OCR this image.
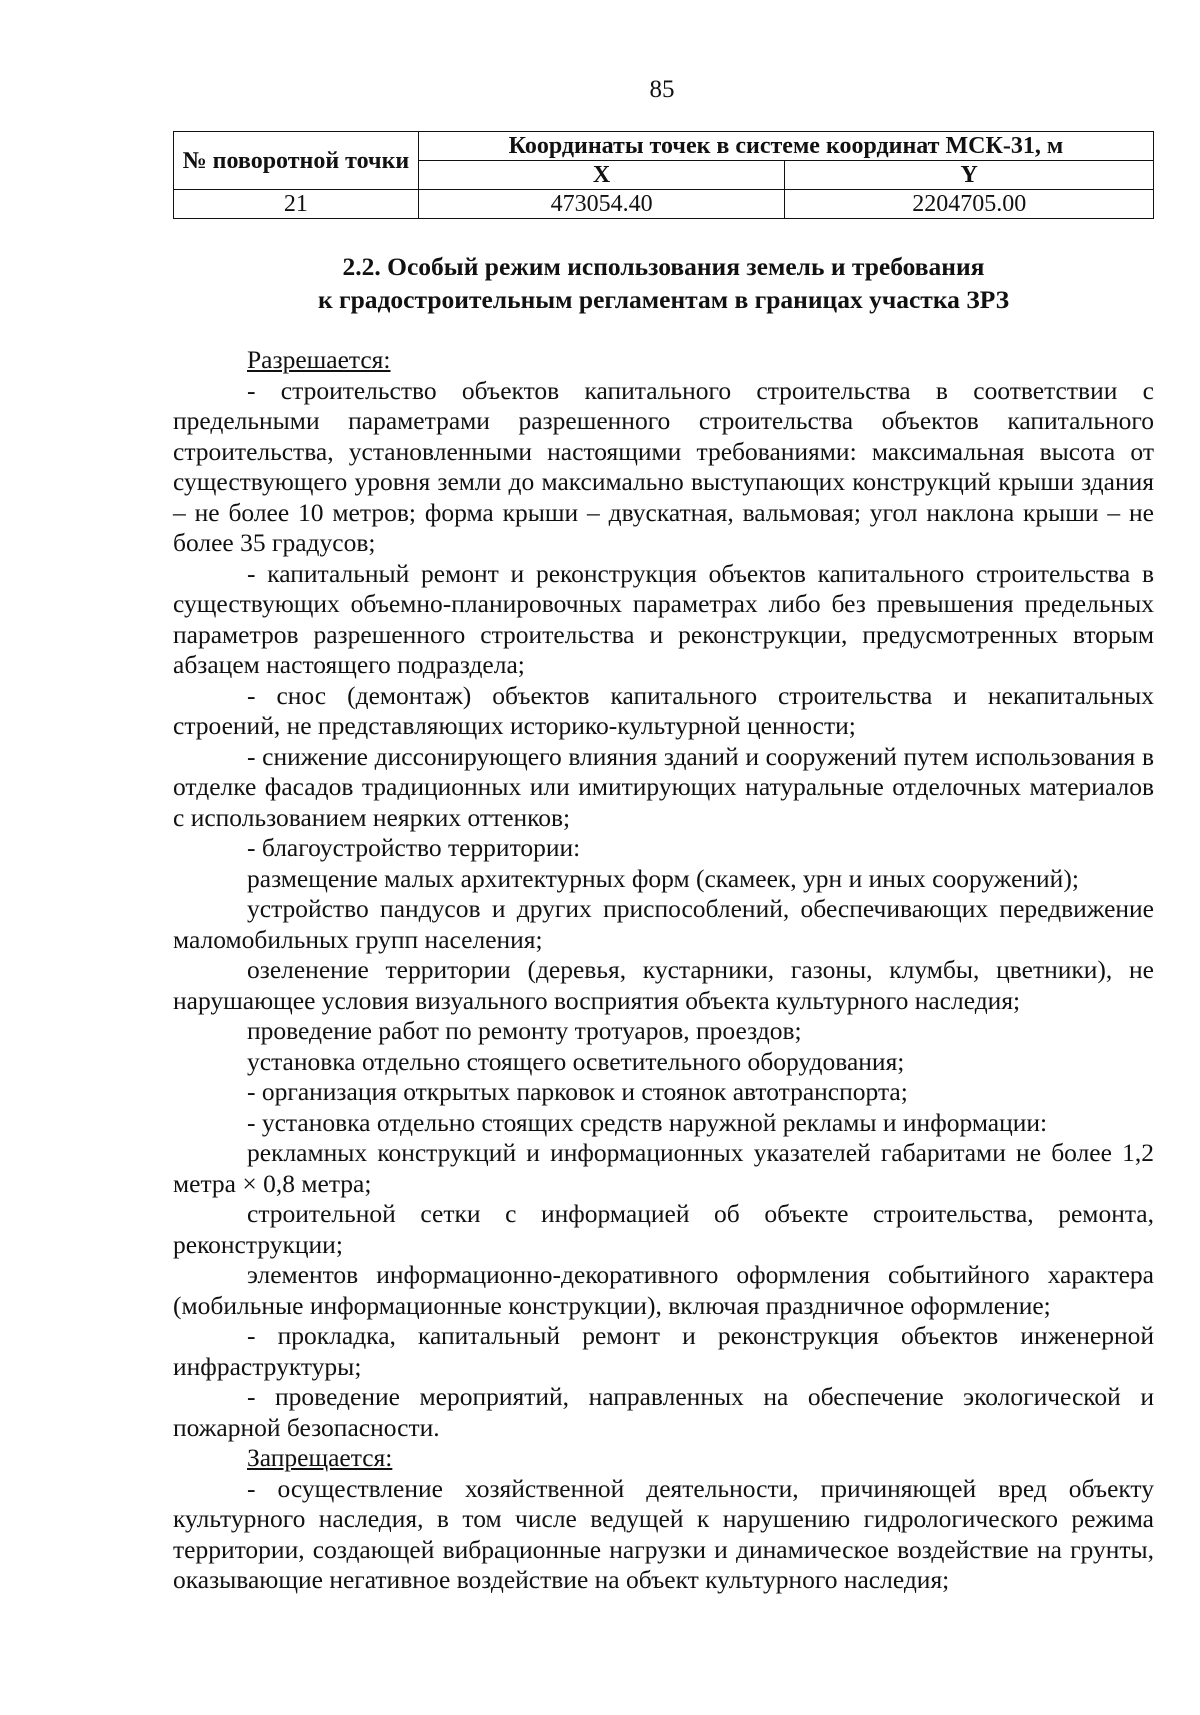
85
№ поворотной точки	Координаты точек в системе координат МСК-31, м	
	X	Y
21	473054.40	2204705.00
2.2. Особый режим использования земель и требования
к градостроительным регламентам в границах участка ЗРЗ

Разрешается:

- строительство объектов капитального строительства в соответствии с предельными параметрами разрешенного строительства объектов капитального строительства, установленными настоящими требованиями: максимальная высота от существующего уровня земли до максимально выступающих конструкций крыши здания – не более 10 метров; форма крыши – двускатная, вальмовая; угол наклона крыши – не более 35 градусов;

- капитальный ремонт и реконструкция объектов капитального строительства в существующих объемно-планировочных параметрах либо без превышения предельных параметров разрешенного строительства и реконструкции, предусмотренных вторым абзацем настоящего подраздела;

- снос (демонтаж) объектов капитального строительства и некапитальных строений, не представляющих историко-культурной ценности;

- снижение диссонирующего влияния зданий и сооружений путем использования в отделке фасадов традиционных или имитирующих натуральные отделочных материалов с использованием неярких оттенков;

- благоустройство территории:

размещение малых архитектурных форм (скамеек, урн и иных сооружений);

устройство пандусов и других приспособлений, обеспечивающих передвижение маломобильных групп населения;

озеленение территории (деревья, кустарники, газоны, клумбы, цветники), не нарушающее условия визуального восприятия объекта культурного наследия;

проведение работ по ремонту тротуаров, проездов;

установка отдельно стоящего осветительного оборудования;

- организация открытых парковок и стоянок автотранспорта;

- установка отдельно стоящих средств наружной рекламы и информации:

рекламных конструкций и информационных указателей габаритами не более 1,2 метра × 0,8 метра;

строительной сетки с информацией об объекте строительства, ремонта, реконструкции;

элементов информационно-декоративного оформления событийного характера (мобильные информационные конструкции), включая праздничное оформление;

- прокладка, капитальный ремонт и реконструкция объектов инженерной инфраструктуры;

- проведение мероприятий, направленных на обеспечение экологической и пожарной безопасности.

Запрещается:

- осуществление хозяйственной деятельности, причиняющей вред объекту культурного наследия, в том числе ведущей к нарушению гидрологического режима территории, создающей вибрационные нагрузки и динамическое воздействие на грунты, оказывающие негативное воздействие на объект культурного наследия;
